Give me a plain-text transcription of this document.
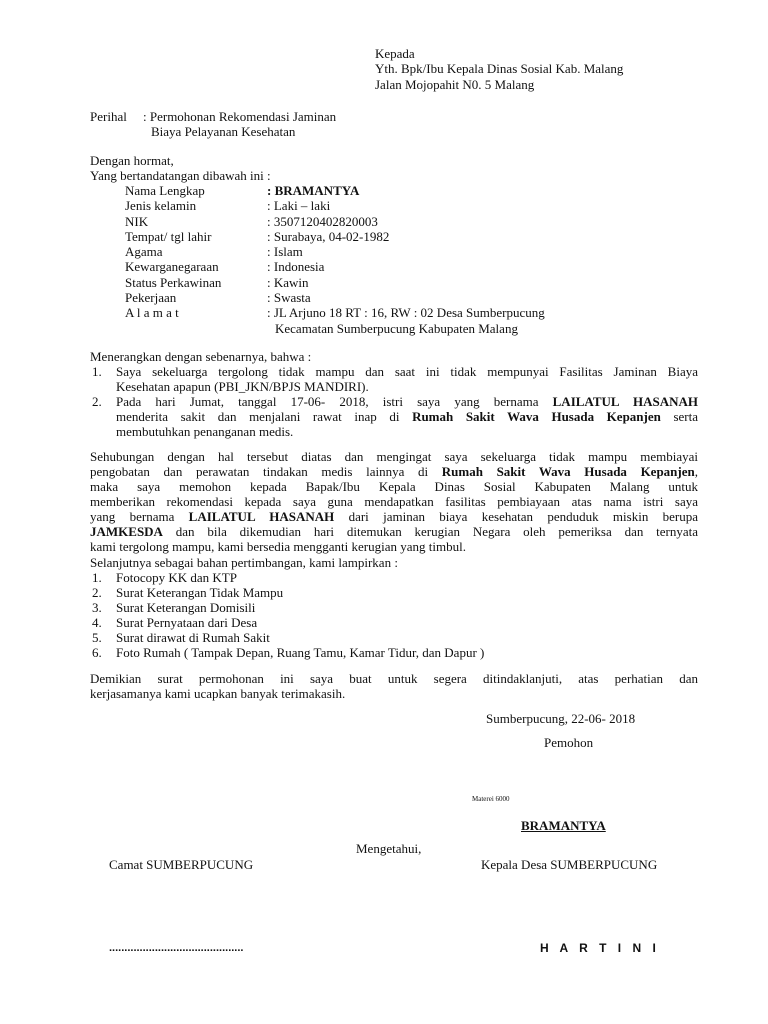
Kepada
Yth. Bpk/Ibu Kepala Dinas Sosial Kab. Malang
Jalan Mojopahit N0. 5 Malang
Perihal : Permohonan Rekomendasi Jaminan
Biaya Pelayanan Kesehatan
Dengan hormat,
Yang bertandatangan dibawah ini :
Nama Lengkap	: BRAMANTYA
Jenis kelamin	: Laki – laki
NIK	: 3507120402820003
Tempat/ tgl lahir	: Surabaya, 04-02-1982
Agama	: Islam
Kewarganegaraan	: Indonesia
Status Perkawinan	: Kawin
Pekerjaan	: Swasta
A l a m a t	: JL Arjuno 18 RT : 16, RW : 02 Desa Sumberpucung
Kecamatan Sumberpucung Kabupaten Malang
Menerangkan dengan sebenarnya, bahwa :
1. Saya sekeluarga tergolong tidak mampu dan saat ini tidak mempunyai Fasilitas Jaminan Biaya
Kesehatan apapun (PBI_JKN/BPJS MANDIRI).
2. Pada hari Jumat, tanggal 17-06- 2018, istri saya yang bernama LAILATUL HASANAH
menderita sakit dan menjalani rawat inap di Rumah Sakit Wava Husada Kepanjen serta
membutuhkan penanganan medis.
Sehubungan dengan hal tersebut diatas dan mengingat saya sekeluarga tidak mampu membiayai
pengobatan dan perawatan tindakan medis lainnya di Rumah Sakit Wava Husada Kepanjen,
maka saya memohon kepada Bapak/Ibu Kepala Dinas Sosial Kabupaten Malang untuk
memberikan rekomendasi kepada saya guna mendapatkan fasilitas pembiayaan atas nama istri saya
yang bernama LAILATUL HASANAH dari jaminan biaya kesehatan penduduk miskin berupa
JAMKESDA dan bila dikemudian hari ditemukan kerugian Negara oleh pemeriksa dan ternyata
kami tergolong mampu, kami bersedia mengganti kerugian yang timbul.
Selanjutnya sebagai bahan pertimbangan, kami lampirkan :
1. Fotocopy KK dan KTP
2. Surat Keterangan Tidak Mampu
3. Surat Keterangan Domisili
4. Surat Pernyataan dari Desa
5. Surat dirawat di Rumah Sakit
6. Foto Rumah ( Tampak Depan, Ruang Tamu, Kamar Tidur, dan Dapur )
Demikian surat permohonan ini saya buat untuk segera ditindaklanjuti, atas perhatian dan
kerjasamanya kami ucapkan banyak terimakasih.
Sumberpucung, 22-06- 2018
Pemohon
Materei 6000
BRAMANTYA
Mengetahui,
Camat SUMBERPUCUNG	Kepala Desa SUMBERPUCUNG
............................................	H A R T I N I
